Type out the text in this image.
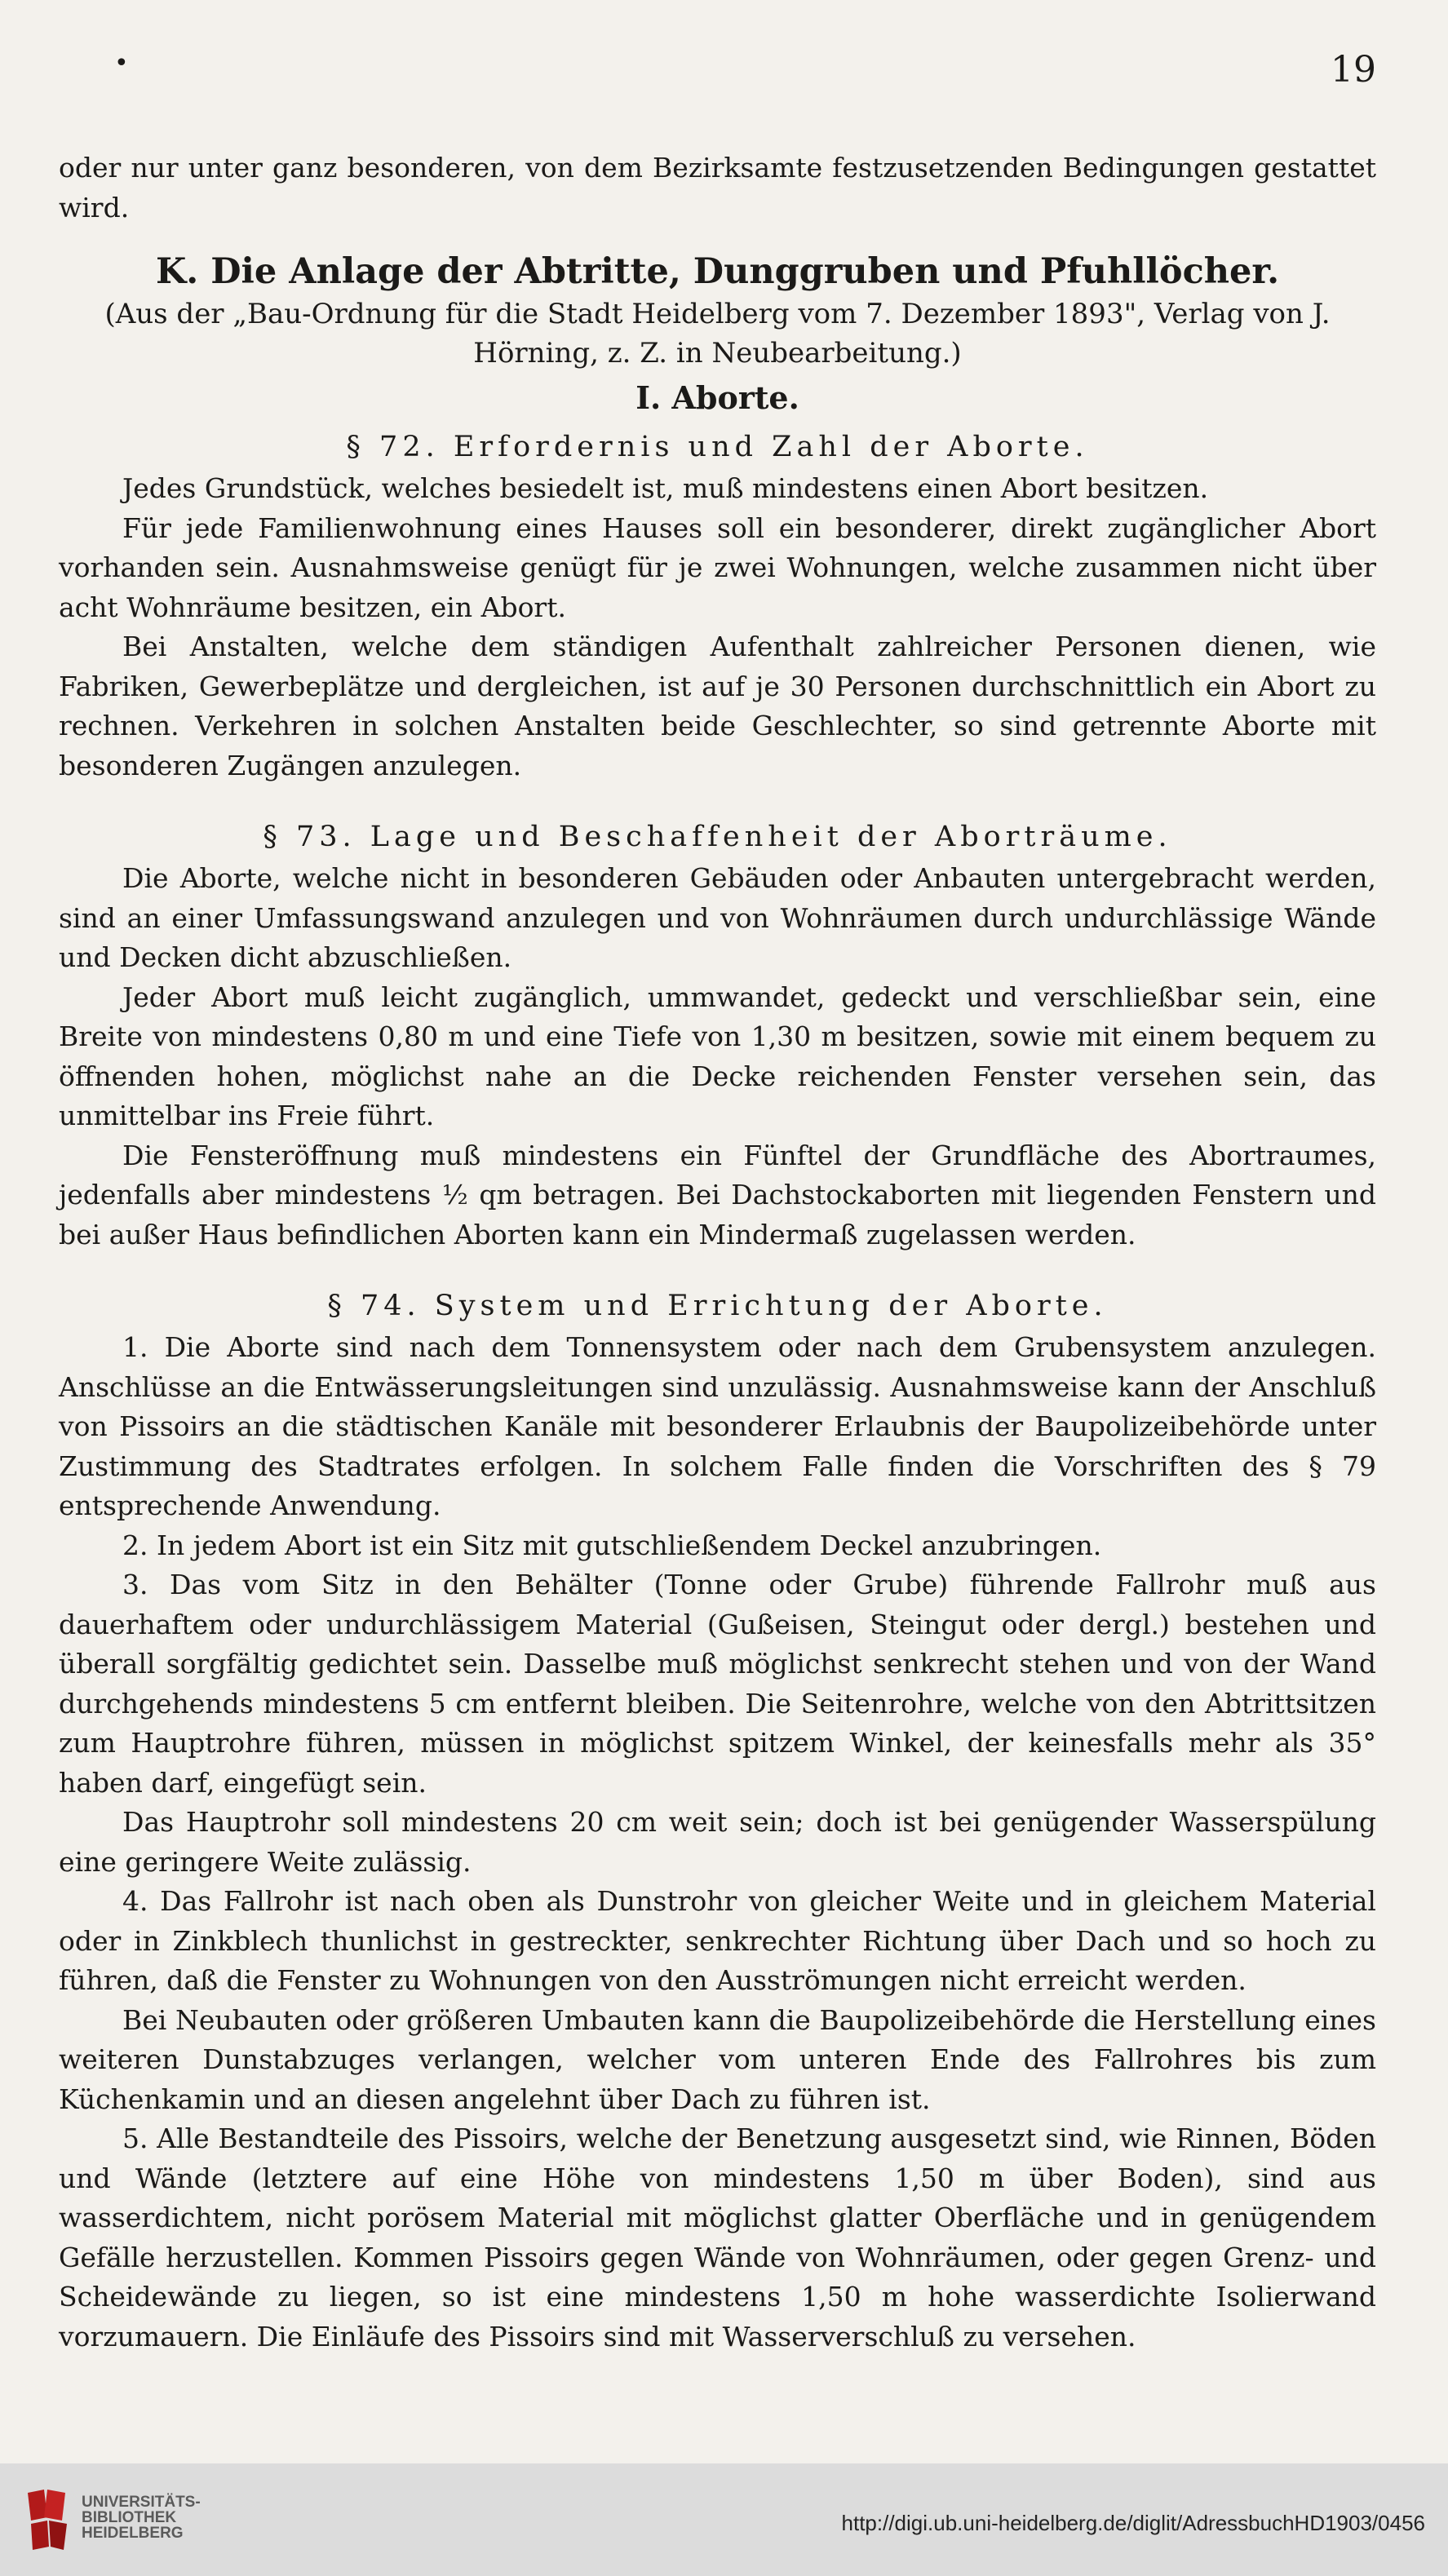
•	19

oder nur unter ganz besonderen, von dem Bezirksamte festzusetzenden Bedingungen gestattet wird.

K. Die Anlage der Abtritte, Dunggruben und Pfuhllöcher.
(Aus der „Bau-Ordnung für die Stadt Heidelberg vom 7. Dezember 1893", Verlag von J. Hörning, z. Z. in Neubearbeitung.)
I. Aborte.
§ 72. Erfordernis und Zahl der Aborte.

Jedes Grundstück, welches besiedelt ist, muß mindestens einen Abort besitzen.

Für jede Familienwohnung eines Hauses soll ein besonderer, direkt zugänglicher Abort vorhanden sein. Ausnahmsweise genügt für je zwei Wohnungen, welche zusammen nicht über acht Wohnräume besitzen, ein Abort.

Bei Anstalten, welche dem ständigen Aufenthalt zahlreicher Personen dienen, wie Fabriken, Gewerbeplätze und dergleichen, ist auf je 30 Personen durchschnittlich ein Abort zu rechnen. Verkehren in solchen Anstalten beide Geschlechter, so sind getrennte Aborte mit besonderen Zugängen anzulegen.

§ 73. Lage und Beschaffenheit der Aborträume.

Die Aborte, welche nicht in besonderen Gebäuden oder Anbauten untergebracht werden, sind an einer Umfassungswand anzulegen und von Wohnräumen durch undurchlässige Wände und Decken dicht abzuschließen.

Jeder Abort muß leicht zugänglich, ummwandet, gedeckt und verschließbar sein, eine Breite von mindestens 0,80 m und eine Tiefe von 1,30 m besitzen, sowie mit einem bequem zu öffnenden hohen, möglichst nahe an die Decke reichenden Fenster versehen sein, das unmittelbar ins Freie führt.

Die Fensteröffnung muß mindestens ein Fünftel der Grundfläche des Abortraumes, jedenfalls aber mindestens ½ qm betragen. Bei Dachstockaborten mit liegenden Fenstern und bei außer Haus befindlichen Aborten kann ein Mindermaß zugelassen werden.

§ 74. System und Errichtung der Aborte.

1. Die Aborte sind nach dem Tonnensystem oder nach dem Grubensystem anzulegen. Anschlüsse an die Entwässerungsleitungen sind unzulässig. Ausnahmsweise kann der Anschluß von Pissoirs an die städtischen Kanäle mit besonderer Erlaubnis der Baupolizeibehörde unter Zustimmung des Stadtrates erfolgen. In solchem Falle finden die Vorschriften des § 79 entsprechende Anwendung.

2. In jedem Abort ist ein Sitz mit gutschließendem Deckel anzubringen.

3. Das vom Sitz in den Behälter (Tonne oder Grube) führende Fallrohr muß aus dauerhaftem oder undurchlässigem Material (Gußeisen, Steingut oder dergl.) bestehen und überall sorgfältig gedichtet sein. Dasselbe muß möglichst senkrecht stehen und von der Wand durchgehends mindestens 5 cm entfernt bleiben. Die Seitenrohre, welche von den Abtrittsitzen zum Hauptrohre führen, müssen in möglichst spitzem Winkel, der keinesfalls mehr als 35° haben darf, eingefügt sein.

Das Hauptrohr soll mindestens 20 cm weit sein; doch ist bei genügender Wasserspülung eine geringere Weite zulässig.

4. Das Fallrohr ist nach oben als Dunstrohr von gleicher Weite und in gleichem Material oder in Zinkblech thunlichst in gestreckter, senkrechter Richtung über Dach und so hoch zu führen, daß die Fenster zu Wohnungen von den Ausströmungen nicht erreicht werden.

Bei Neubauten oder größeren Umbauten kann die Baupolizeibehörde die Herstellung eines weiteren Dunstabzuges verlangen, welcher vom unteren Ende des Fallrohres bis zum Küchenkamin und an diesen angelehnt über Dach zu führen ist.

5. Alle Bestandteile des Pissoirs, welche der Benetzung ausgesetzt sind, wie Rinnen, Böden und Wände (letztere auf eine Höhe von mindestens 1,50 m über Boden), sind aus wasserdichtem, nicht porösem Material mit möglichst glatter Oberfläche und in genügendem Gefälle herzustellen. Kommen Pissoirs gegen Wände von Wohnräumen, oder gegen Grenz- und Scheidewände zu liegen, so ist eine mindestens 1,50 m hohe wasserdichte Isolierwand vorzumauern. Die Einläufe des Pissoirs sind mit Wasserverschluß zu versehen.

UNIVERSITÄTS-
BIBLIOTHEK
HEIDELBERG	http://digi.ub.uni-heidelberg.de/diglit/AdressbuchHD1903/0456
